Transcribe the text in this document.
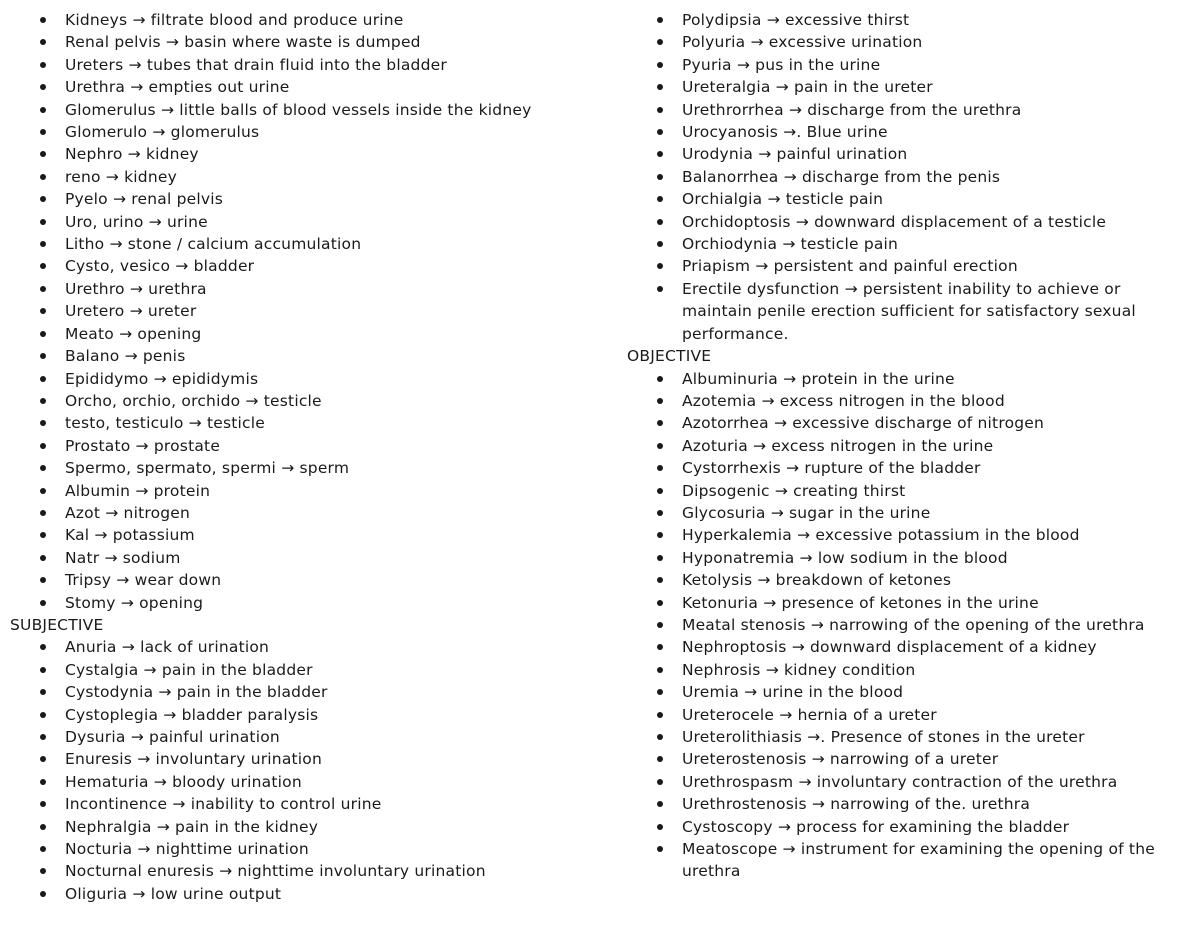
Kidneys → filtrate blood and produce urine
Renal pelvis → basin where waste is dumped
Ureters → tubes that drain fluid into the bladder
Urethra → empties out urine
Glomerulus → little balls of blood vessels inside the kidney
Glomerulo → glomerulus
Nephro → kidney
reno → kidney
Pyelo → renal pelvis
Uro, urino → urine
Litho → stone / calcium accumulation
Cysto, vesico → bladder
Urethro → urethra
Uretero → ureter
Meato → opening
Balano → penis
Epididymo → epididymis
Orcho, orchio, orchido → testicle
testo, testiculo → testicle
Prostato → prostate
Spermo, spermato, spermi → sperm
Albumin → protein
Azot → nitrogen
Kal → potassium
Natr → sodium
Tripsy → wear down
Stomy → opening
SUBJECTIVE
Anuria → lack of urination
Cystalgia → pain in the bladder
Cystodynia → pain in the bladder
Cystoplegia → bladder paralysis
Dysuria → painful urination
Enuresis → involuntary urination
Hematuria → bloody urination
Incontinence → inability to control urine
Nephralgia → pain in the kidney
Nocturia → nighttime urination
Nocturnal enuresis → nighttime involuntary urination
Oliguria → low urine output
Polydipsia → excessive thirst
Polyuria → excessive urination
Pyuria → pus in the urine
Ureteralgia → pain in the ureter
Urethrorrhea → discharge from the urethra
Urocyanosis →. Blue urine
Urodynia → painful urination
Balanorrhea → discharge from the penis
Orchialgia → testicle pain
Orchidoptosis → downward displacement of a testicle
Orchiodynia → testicle pain
Priapism → persistent and painful erection
Erectile dysfunction → persistent inability to achieve or maintain penile erection sufficient for satisfactory sexual performance.
OBJECTIVE
Albuminuria → protein in the urine
Azotemia → excess nitrogen in the blood
Azotorrhea → excessive discharge of nitrogen
Azoturia → excess nitrogen in the urine
Cystorrhexis → rupture of the bladder
Dipsogenic → creating thirst
Glycosuria → sugar in the urine
Hyperkalemia → excessive potassium in the blood
Hyponatremia → low sodium in the blood
Ketolysis → breakdown of ketones
Ketonuria → presence of ketones in the urine
Meatal stenosis → narrowing of the opening of the urethra
Nephroptosis → downward displacement of a kidney
Nephrosis → kidney condition
Uremia → urine in the blood
Ureterocele → hernia of a ureter
Ureterolithiasis →. Presence of stones in the ureter
Ureterostenosis → narrowing of a ureter
Urethrospasm → involuntary contraction of the urethra
Urethrostenosis → narrowing of the. urethra
Cystoscopy → process for examining the bladder
Meatoscope → instrument for examining the opening of the urethra
